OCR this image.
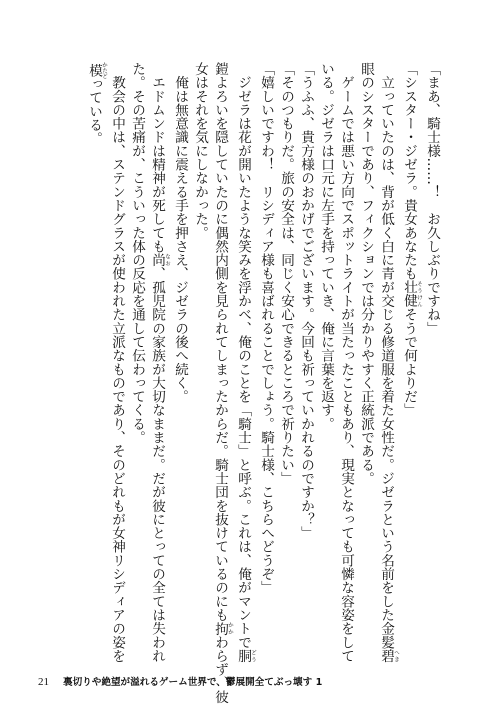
「まあ、騎士様……！　お久しぶりですね」
「シスター・ジゼラ。貴女あなたも壮健 そうけんそうで何よりだ」
　立っていたのは、背が低く白に青が交じる修道服を着た女性だ。ジゼラという名前をした金髪碧 へき
眼のシスターであり、フィクションでは分かりやすく正統派である。
　ゲームでは悪い方向でスポットライトが当たったこともあり、現実となっても可憐な容姿をして
いる。ジゼラは口元に左手を持っていき、俺に言葉を返す。
「うふふ、貴方様のおかげでございます。今回も祈っていかれるのですか？」
「そのつもりだ。旅の安全は、同じく安心できるところで祈りたい」
「嬉しいですわ！　リシディア様も喜ばれることでしょう。騎士様、こちらへどうぞ」
　ジゼラは花が開いたような笑みを浮かべ、俺のことを「騎士」と呼ぶ。これは、俺がマントで胴 どう
鎧よろいを隠していたのに偶然内側を見られてしまったからだ。騎士団を抜けているのにも拘 かかわらず、彼
女はそれを気にしなかった。
　俺は無意識に震える手を押さえ、ジゼラの後へ続く。
　エドムンドは精神が死しても尚 なお、孤児院の家族が大切なままだ。だが彼にとっての全ては失われ
た。その苦痛が、こういった体の反応を通して伝わってくる。
　教会の中は、ステンドグラスが使われた立派なものであり、そのどれもが女神リシディアの姿を
模 かたどっている。
21 裏切りや絶望が溢れるゲーム世界で、鬱展開全てぶっ壊す 1
